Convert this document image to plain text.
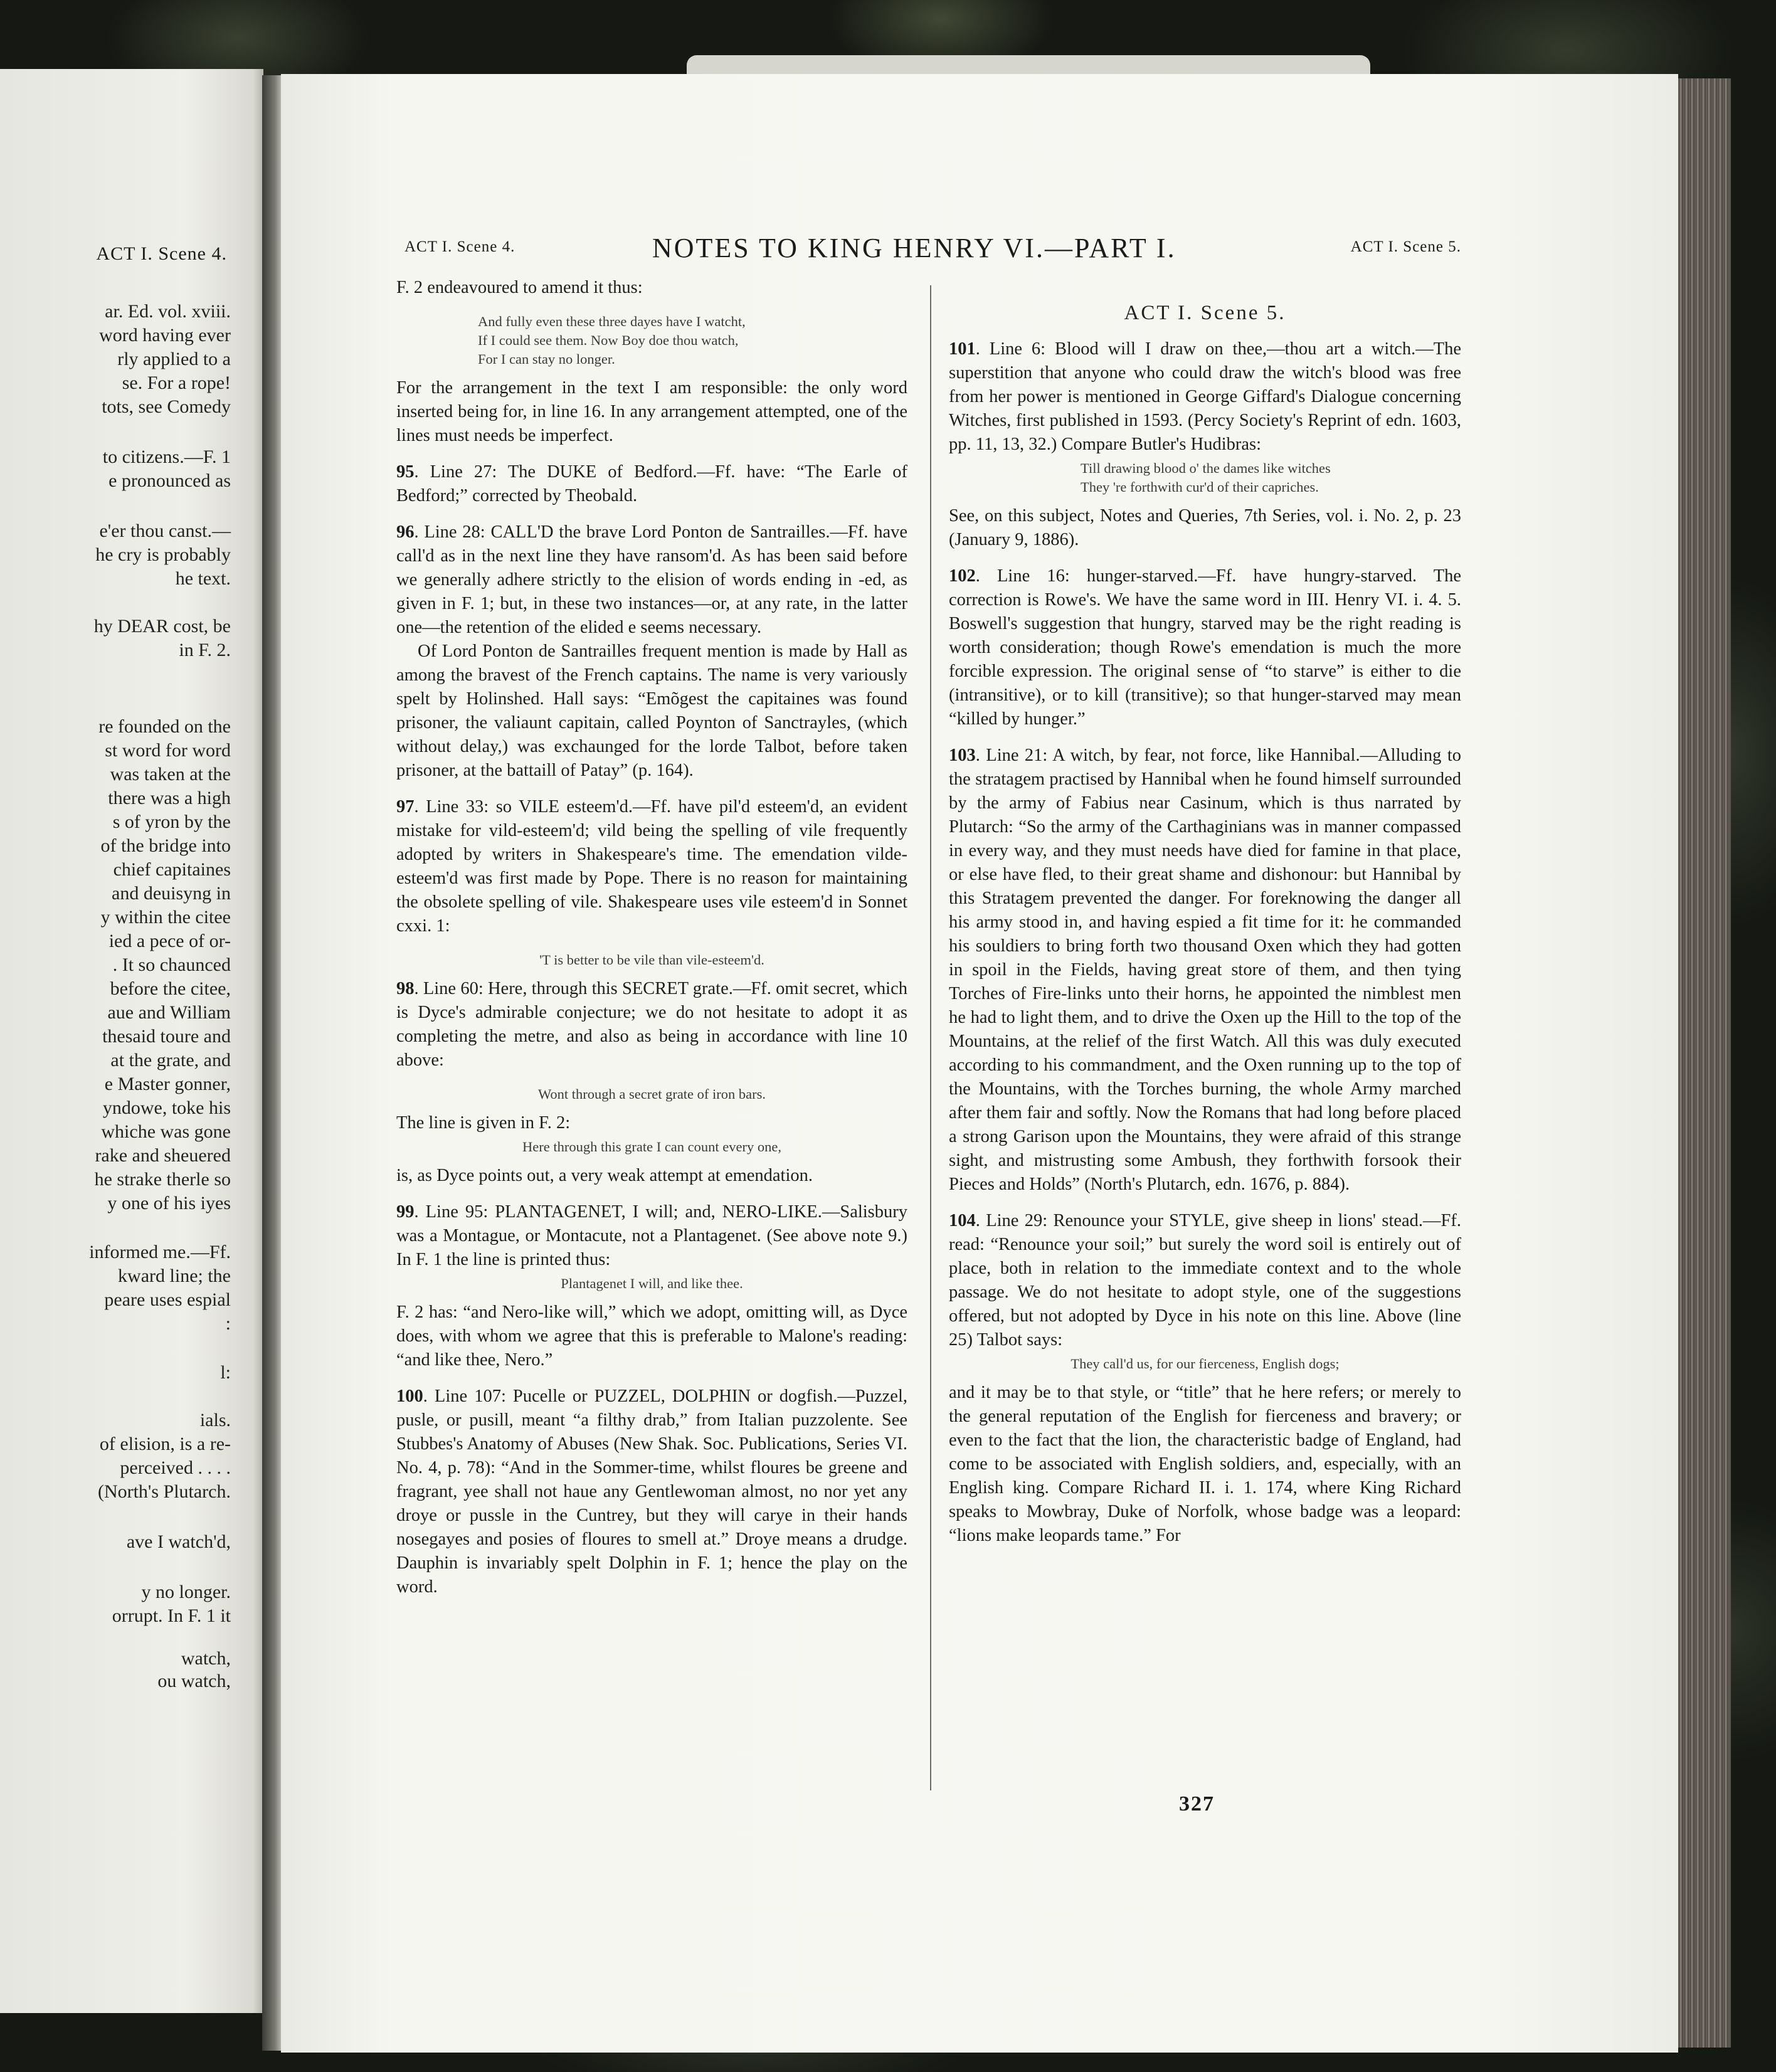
ACT I. Scene 4.
ar. Ed. vol. xviii.
word having ever
rly applied to a
se. For a rope!
tots, see Comedy
to citizens.—F. 1
e pronounced as
e'er thou canst.—
he cry is probably
he text.
hy DEAR cost, be
in F. 2.
re founded on the
st word for word
was taken at the
there was a high
s of yron by the
of the bridge into
chief capitaines
and deuisyng in
y within the citee
ied a pece of or-
. It so chaunced
before the citee,
aue and William
thesaid toure and
at the grate, and
e Master gonner,
yndowe, toke his
whiche was gone
rake and sheuered
he strake therle so
y one of his iyes
informed me.—Ff.
kward line; the
peare uses espial
:
l:
ials.
of elision, is a re-
perceived . . . .
(North's Plutarch.
ave I watch'd,
y no longer.
orrupt. In F. 1 it
watch,
ou watch,
ACT I. Scene 4.	NOTES TO KING HENRY VI.—PART I.	ACT I. Scene 5.

F. 2 endeavoured to amend it thus:

And fully even these three dayes have I watcht,
If I could see them. Now Boy doe thou watch,
For I can stay no longer.

For the arrangement in the text I am responsible: the only word inserted being for, in line 16. In any arrangement attempted, one of the lines must needs be imperfect.

95. Line 27: The DUKE of Bedford.—Ff. have: “The Earle of Bedford;” corrected by Theobald.

96. Line 28: CALL'D the brave Lord Ponton de Santrailles.—Ff. have call'd as in the next line they have ransom'd. As has been said before we generally adhere strictly to the elision of words ending in -ed, as given in F. 1; but, in these two instances—or, at any rate, in the latter one—the retention of the elided e seems necessary.

Of Lord Ponton de Santrailles frequent mention is made by Hall as among the bravest of the French captains. The name is very variously spelt by Holinshed. Hall says: “Emõgest the capitaines was found prisoner, the valiaunt capitain, called Poynton of Sanctrayles, (which without delay,) was exchaunged for the lorde Talbot, before taken prisoner, at the battaill of Patay” (p. 164).

97. Line 33: so VILE esteem'd.—Ff. have pil'd esteem'd, an evident mistake for vild-esteem'd; vild being the spelling of vile frequently adopted by writers in Shakespeare's time. The emendation vilde-esteem'd was first made by Pope. There is no reason for maintaining the obsolete spelling of vile. Shakespeare uses vile esteem'd in Sonnet cxxi. 1:

'T is better to be vile than vile-esteem'd.

98. Line 60: Here, through this SECRET grate.—Ff. omit secret, which is Dyce's admirable conjecture; we do not hesitate to adopt it as completing the metre, and also as being in accordance with line 10 above:

Wont through a secret grate of iron bars.

The line is given in F. 2:

Here through this grate I can count every one,

is, as Dyce points out, a very weak attempt at emendation.

99. Line 95: PLANTAGENET, I will; and, NERO-LIKE.—Salisbury was a Montague, or Montacute, not a Plantagenet. (See above note 9.) In F. 1 the line is printed thus:

Plantagenet I will, and like thee.

F. 2 has: “and Nero-like will,” which we adopt, omitting will, as Dyce does, with whom we agree that this is preferable to Malone's reading: “and like thee, Nero.”

100. Line 107: Pucelle or PUZZEL, DOLPHIN or dogfish.—Puzzel, pusle, or pusill, meant “a filthy drab,” from Italian puzzolente. See Stubbes's Anatomy of Abuses (New Shak. Soc. Publications, Series VI. No. 4, p. 78): “And in the Sommer-time, whilst floures be greene and fragrant, yee shall not haue any Gentlewoman almost, no nor yet any droye or pussle in the Cuntrey, but they will carye in their hands nosegayes and posies of floures to smell at.” Droye means a drudge. Dauphin is invariably spelt Dolphin in F. 1; hence the play on the word.

ACT I. Scene 5.

101. Line 6: Blood will I draw on thee,—thou art a witch.—The superstition that anyone who could draw the witch's blood was free from her power is mentioned in George Giffard's Dialogue concerning Witches, first published in 1593. (Percy Society's Reprint of edn. 1603, pp. 11, 13, 32.) Compare Butler's Hudibras:

Till drawing blood o' the dames like witches
They 're forthwith cur'd of their capriches.

See, on this subject, Notes and Queries, 7th Series, vol. i. No. 2, p. 23 (January 9, 1886).

102. Line 16: hunger-starved.—Ff. have hungry-starved. The correction is Rowe's. We have the same word in III. Henry VI. i. 4. 5. Boswell's suggestion that hungry, starved may be the right reading is worth consideration; though Rowe's emendation is much the more forcible expression. The original sense of “to starve” is either to die (intransitive), or to kill (transitive); so that hunger-starved may mean “killed by hunger.”

103. Line 21: A witch, by fear, not force, like Hannibal.—Alluding to the stratagem practised by Hannibal when he found himself surrounded by the army of Fabius near Casinum, which is thus narrated by Plutarch: “So the army of the Carthaginians was in manner compassed in every way, and they must needs have died for famine in that place, or else have fled, to their great shame and dishonour: but Hannibal by this Stratagem prevented the danger. For foreknowing the danger all his army stood in, and having espied a fit time for it: he commanded his souldiers to bring forth two thousand Oxen which they had gotten in spoil in the Fields, having great store of them, and then tying Torches of Fire-links unto their horns, he appointed the nimblest men he had to light them, and to drive the Oxen up the Hill to the top of the Mountains, at the relief of the first Watch. All this was duly executed according to his commandment, and the Oxen running up to the top of the Mountains, with the Torches burning, the whole Army marched after them fair and softly. Now the Romans that had long before placed a strong Garison upon the Mountains, they were afraid of this strange sight, and mistrusting some Ambush, they forthwith forsook their Pieces and Holds” (North's Plutarch, edn. 1676, p. 884).

104. Line 29: Renounce your STYLE, give sheep in lions' stead.—Ff. read: “Renounce your soil;” but surely the word soil is entirely out of place, both in relation to the immediate context and to the whole passage. We do not hesitate to adopt style, one of the suggestions offered, but not adopted by Dyce in his note on this line. Above (line 25) Talbot says:

They call'd us, for our fierceness, English dogs;

and it may be to that style, or “title” that he here refers; or merely to the general reputation of the English for fierceness and bravery; or even to the fact that the lion, the characteristic badge of England, had come to be associated with English soldiers, and, especially, with an English king. Compare Richard II. i. 1. 174, where King Richard speaks to Mowbray, Duke of Norfolk, whose badge was a leopard: “lions make leopards tame.” For

327
